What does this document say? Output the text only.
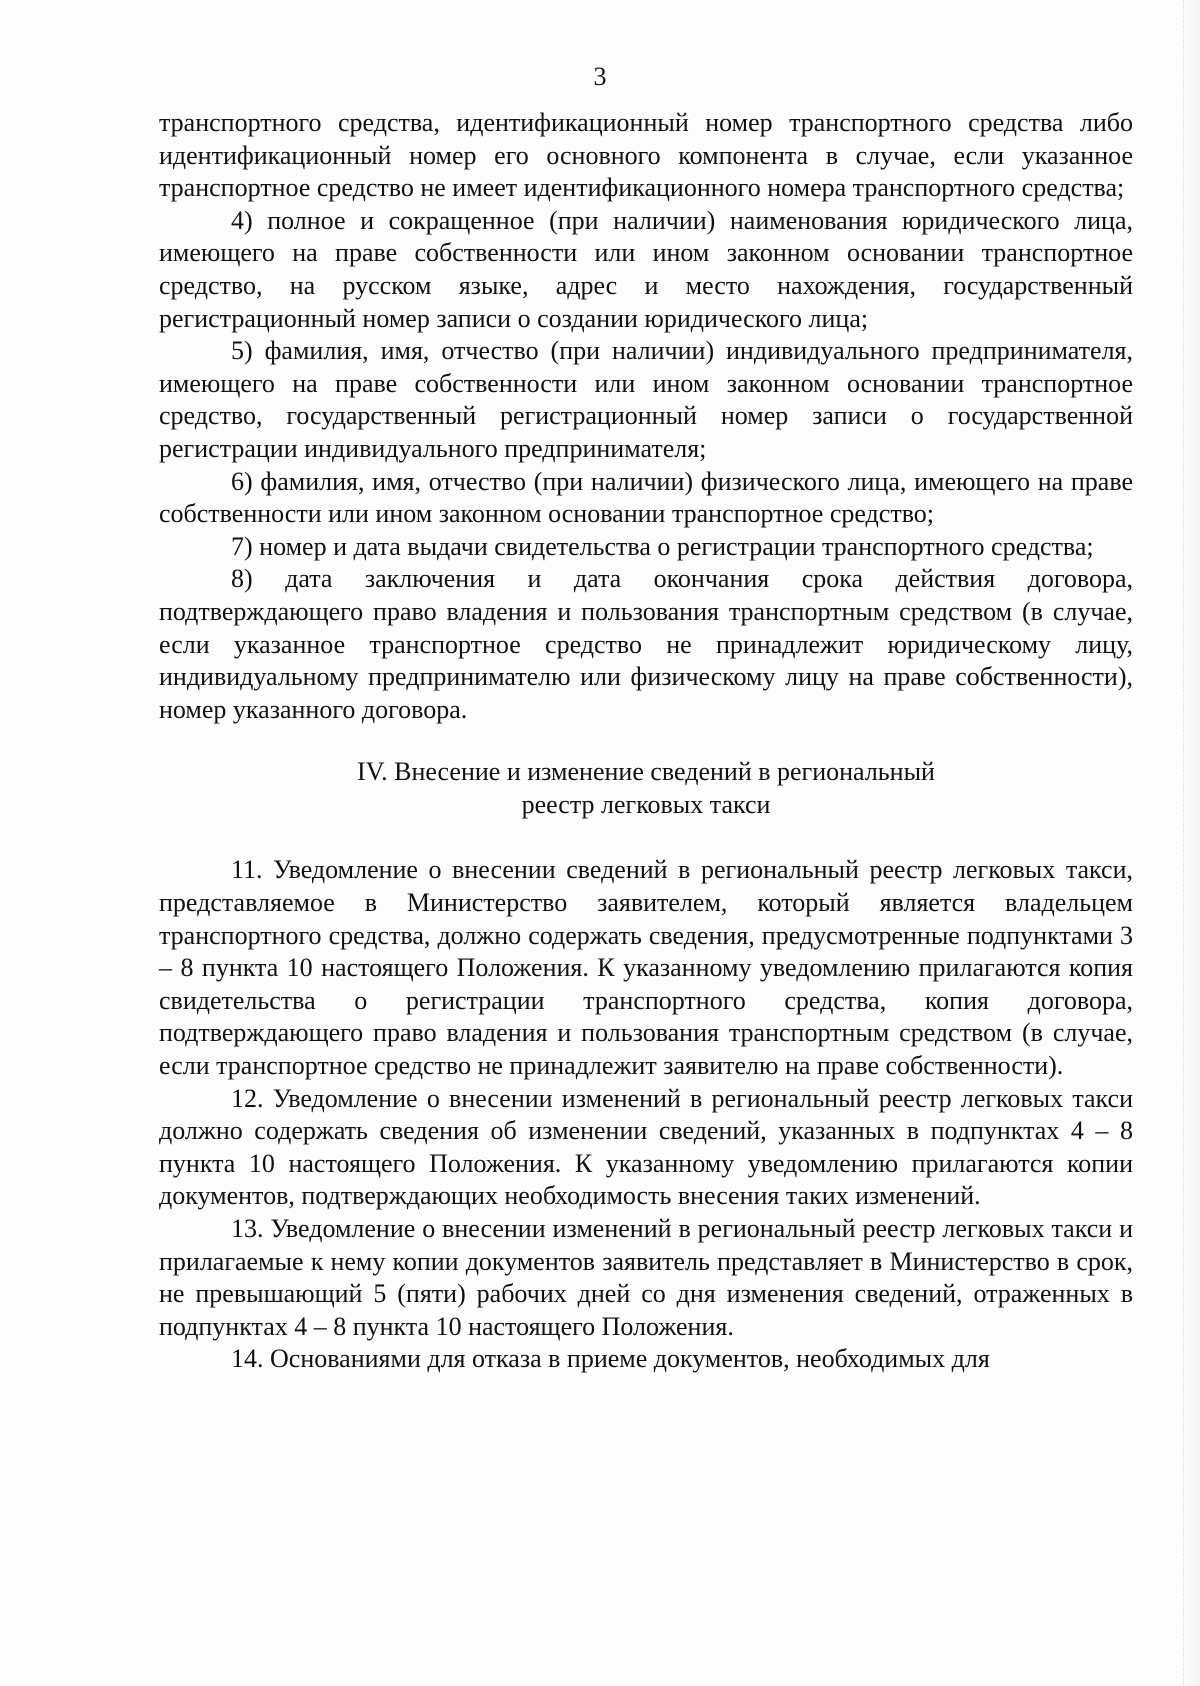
3

транспортного средства, идентификационный номер транспортного средства либо идентификационный номер его основного компонента в случае, если указанное транспортное средство не имеет идентификационного номера транспортного средства;

4) полное и сокращенное (при наличии) наименования юридического лица, имеющего на праве собственности или ином законном основании транспортное средство, на русском языке, адрес и место нахождения, государственный регистрационный номер записи о создании юридического лица;

5) фамилия, имя, отчество (при наличии) индивидуального предпринимателя, имеющего на праве собственности или ином законном основании транспортное средство, государственный регистрационный номер записи о государственной регистрации индивидуального предпринимателя;

6) фамилия, имя, отчество (при наличии) физического лица, имеющего на праве собственности или ином законном основании транспортное средство;

7) номер и дата выдачи свидетельства о регистрации транспортного средства;

8) дата заключения и дата окончания срока действия договора, подтверждающего право владения и пользования транспортным средством (в случае, если указанное транспортное средство не принадлежит юридическому лицу, индивидуальному предпринимателю или физическому лицу на праве собственности), номер указанного договора.

IV. Внесение и изменение сведений в региональный
реестр легковых такси

11. Уведомление о внесении сведений в региональный реестр легковых такси, представляемое в Министерство заявителем, который является владельцем транспортного средства, должно содержать сведения, предусмотренные подпунктами 3 – 8 пункта 10 настоящего Положения. К указанному уведомлению прилагаются копия свидетельства о регистрации транспортного средства, копия договора, подтверждающего право владения и пользования транспортным средством (в случае, если транспортное средство не принадлежит заявителю на праве собственности).

12. Уведомление о внесении изменений в региональный реестр легковых такси должно содержать сведения об изменении сведений, указанных в подпунктах 4 – 8 пункта 10 настоящего Положения. К указанному уведомлению прилагаются копии документов, подтверждающих необходимость внесения таких изменений.

13. Уведомление о внесении изменений в региональный реестр легковых такси и прилагаемые к нему копии документов заявитель представляет в Министерство в срок, не превышающий 5 (пяти) рабочих дней со дня изменения сведений, отраженных в подпунктах 4 – 8 пункта 10 настоящего Положения.

14. Основаниями для отказа в приеме документов, необходимых для
